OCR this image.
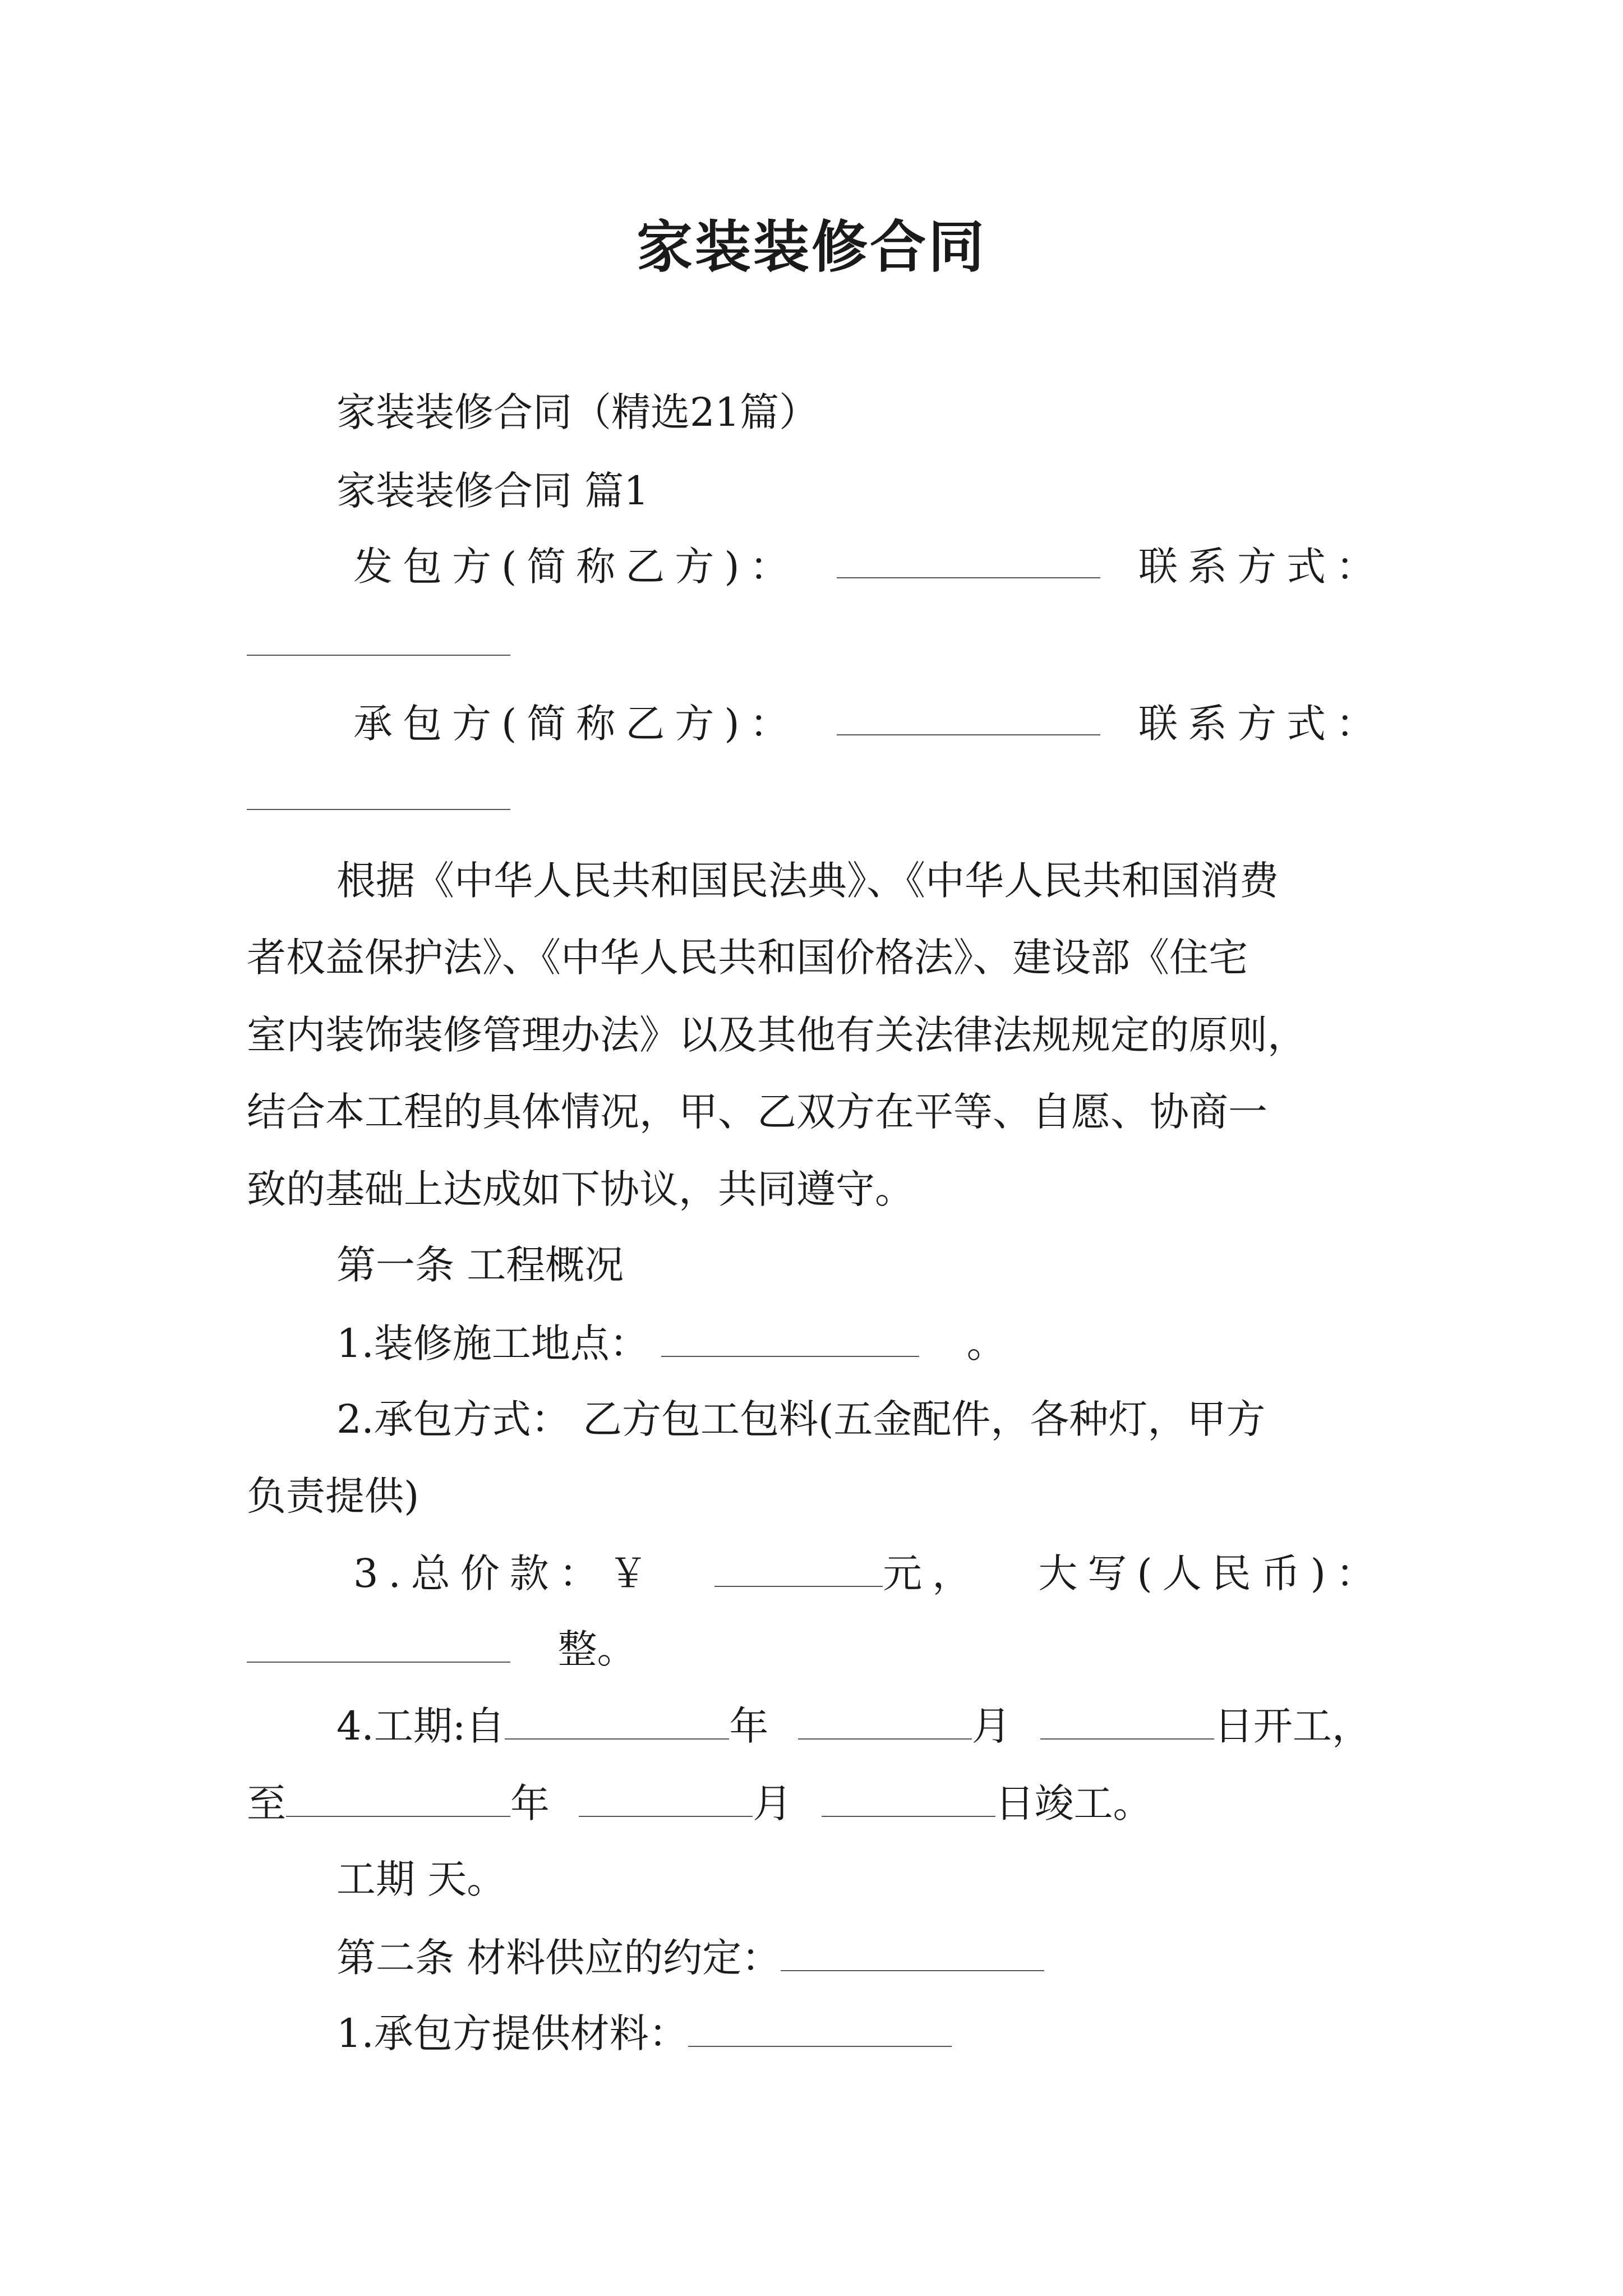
家装装修合同
家装装修合同（精选21篇）
家装装修合同 篇1
发包方(简称乙方)：	联系方式：
承包方(简称乙方)：	联系方式：
根据《中华人民共和国民法典》、《中华人民共和国消费
者权益保护法》、《中华人民共和国价格法》、建设部《住宅
室内装饰装修管理办法》以及其他有关法律法规规定的原则，
结合本工程的具体情况，甲、乙双方在平等、自愿、协商一
致的基础上达成如下协议，共同遵守。
第一条 工程概况
1.装修施工地点：	。
2.承包方式： 乙方包工包料(五金配件，各种灯，甲方
负责提供)
3.总价款：￥	元， 大写(人民币)：
整。
4.工期:自	年	月	日开工，
至	年	月	日竣工。
工期 天。
第二条 材料供应的约定：
1.承包方提供材料：
